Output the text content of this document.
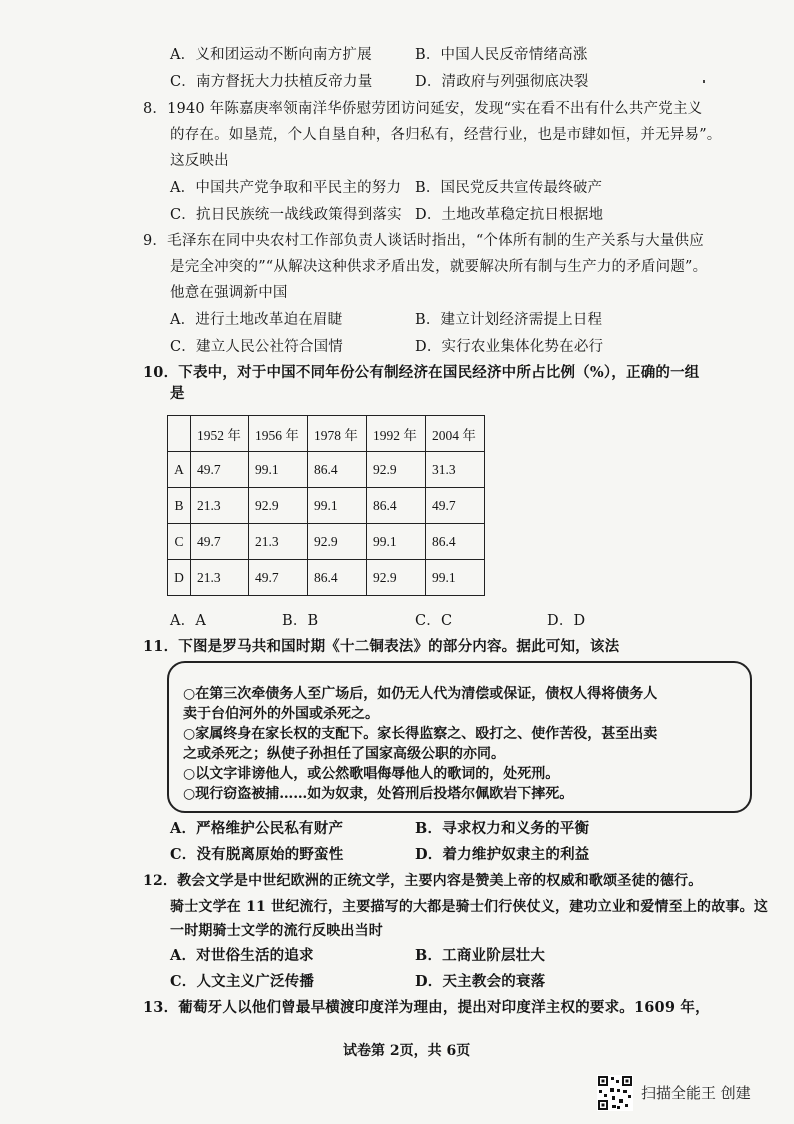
A．义和团运动不断向南方扩展	B．中国人民反帝情绪高涨
C．南方督抚大力扶植反帝力量	D．清政府与列强彻底决裂
8．1940 年陈嘉庚率领南洋华侨慰劳团访问延安，发现“实在看不出有什么共产党主义
的存在。如垦荒，个人自垦自种，各归私有，经营行业，也是市肆如恒，并无异易”。
这反映出
A．中国共产党争取和平民主的努力 B．国民党反共宣传最终破产
C．抗日民族统一战线政策得到落实 D．土地改革稳定抗日根据地
9．毛泽东在同中央农村工作部负责人谈话时指出，“个体所有制的生产关系与大量供应
是完全冲突的”“从解决这种供求矛盾出发，就要解决所有制与生产力的矛盾问题”。
他意在强调新中国
A．进行土地改革迫在眉睫	B．建立计划经济需提上日程
C．建立人民公社符合国情	D．实行农业集体化势在必行
10．下表中，对于中国不同年份公有制经济在国民经济中所占比例（%），正确的一组
是
	1952 年	1956 年	1978 年	1992 年	2004 年
A	49.7	99.1	86.4	92.9	31.3
B	21.3	92.9	99.1	86.4	49.7
C	49.7	21.3	92.9	99.1	86.4
D	21.3	49.7	86.4	92.9	99.1
A．A	B．B	C．C	D．D
11．下图是罗马共和国时期《十二铜表法》的部分内容。据此可知，该法
○在第三次牵债务人至广场后，如仍无人代为清偿或保证，债权人得将债务人
卖于台伯河外的外国或杀死之。
○家属终身在家长权的支配下。家长得监察之、殴打之、使作苦役，甚至出卖
之或杀死之；纵使子孙担任了国家高级公职的亦同。
○以文字诽谤他人，或公然歌唱侮辱他人的歌词的，处死刑。
○现行窃盗被捕……如为奴隶，处笞刑后投塔尔佩欧岩下摔死。
A．严格维护公民私有财产	B．寻求权力和义务的平衡
C．没有脱离原始的野蛮性	D．着力维护奴隶主的利益
12．教会文学是中世纪欧洲的正统文学，主要内容是赞美上帝的权威和歌颂圣徒的德行。
骑士文学在 11 世纪流行，主要描写的大都是骑士们行侠仗义，建功立业和爱情至上的故事。这
一时期骑士文学的流行反映出当时
A．对世俗生活的追求	B．工商业阶层壮大
C．人文主义广泛传播	D．天主教会的衰落
13．葡萄牙人以他们曾最早横渡印度洋为理由，提出对印度洋主权的要求。1609 年，
试卷第 2页，共 6页
扫描全能王 创建
